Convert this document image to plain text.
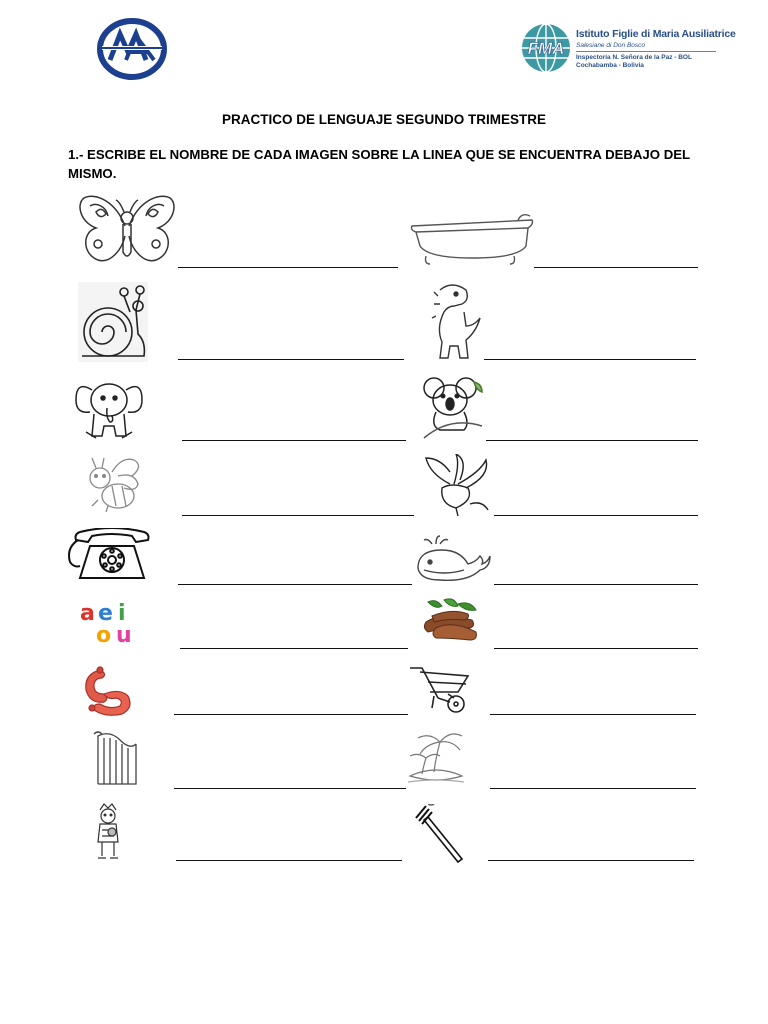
FMA
Istituto Figlie di Maria Ausiliatrice
Salesiane di Don Bosco
Inspectoría N. Señora de la Paz - BOL
Cochabamba - Bolivia
PRACTICO DE LENGUAJE SEGUNDO TRIMESTRE
1.- ESCRIBE EL NOMBRE DE CADA IMAGEN SOBRE LA LINEA QUE SE ENCUENTRA DEBAJO DEL MISMO.
a e i
o u
